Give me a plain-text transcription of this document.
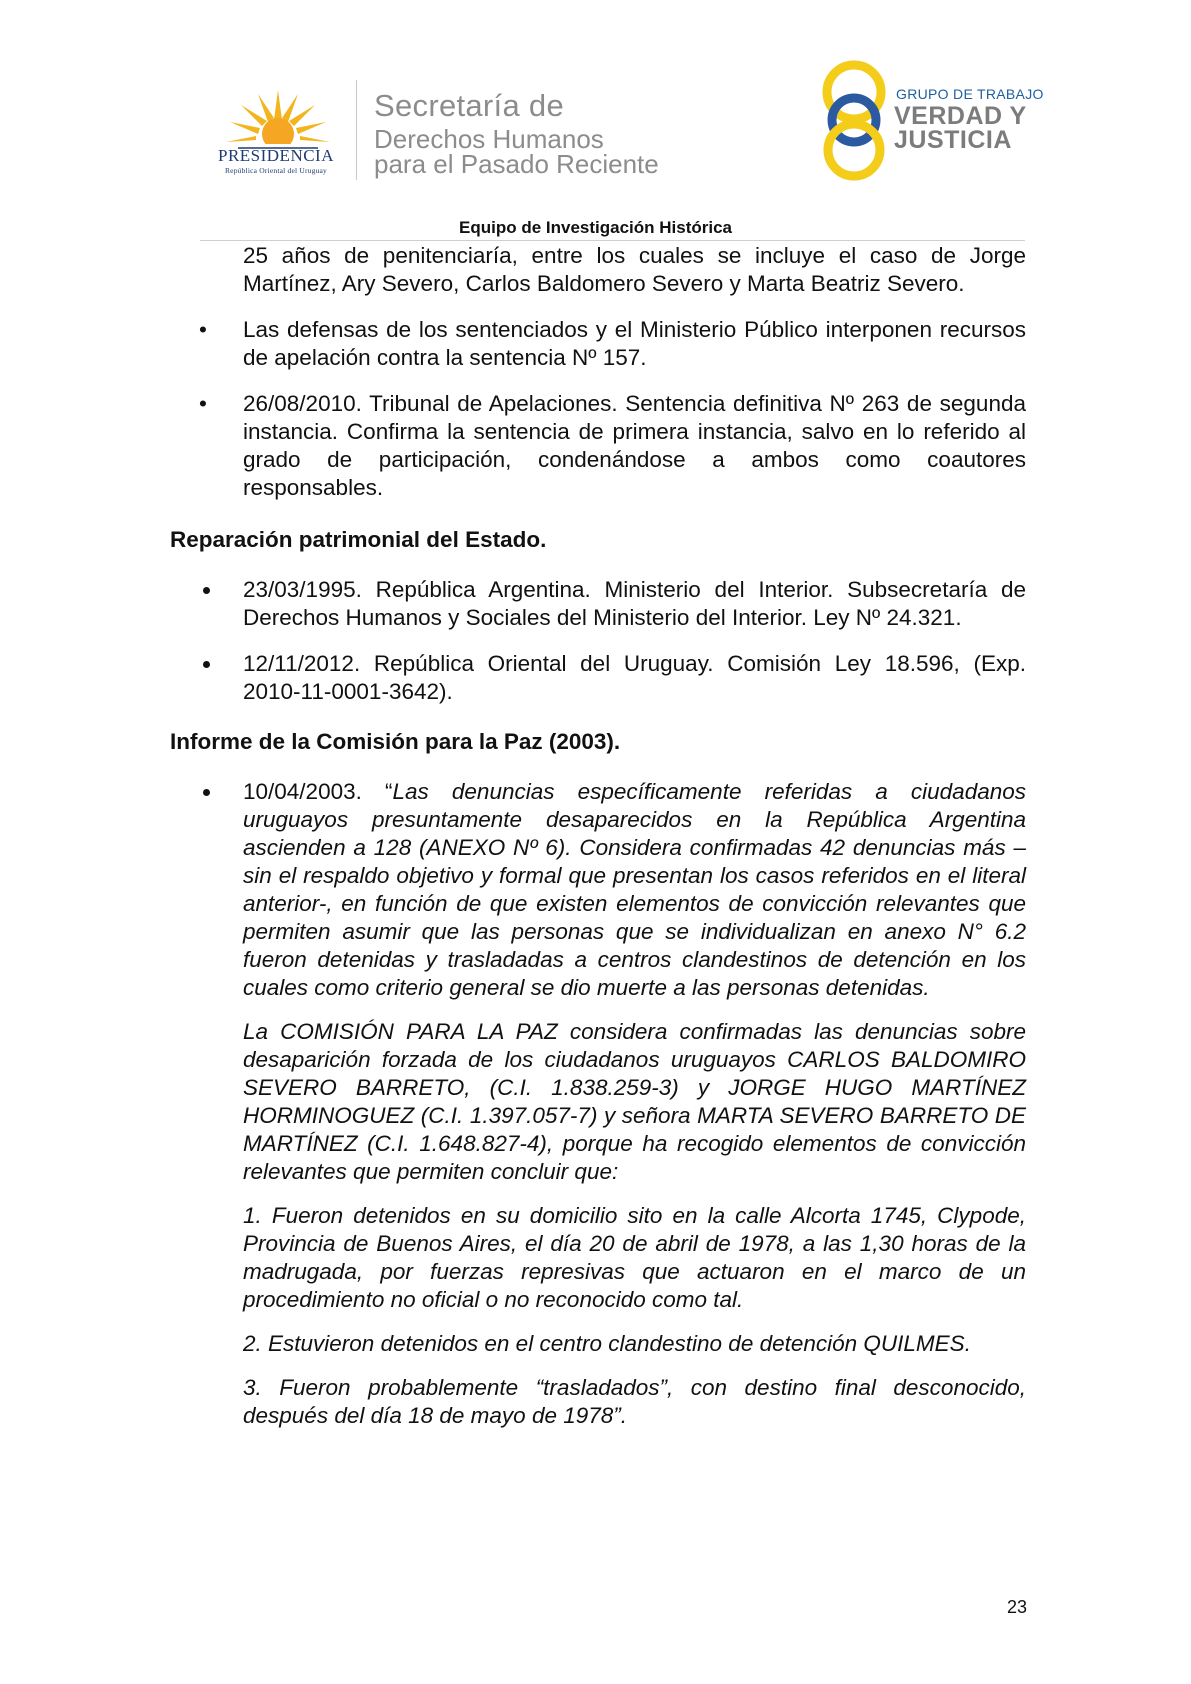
PRESIDENCIA
República Oriental del Uruguay
Secretaría de
Derechos Humanos
para el Pasado Reciente
GRUPO DE TRABAJO
VERDAD Y
JUSTICIA
Equipo de Investigación Histórica

25 años de penitenciaría, entre los cuales se incluye el caso de Jorge Martínez, Ary Severo, Carlos Baldomero Severo y Marta Beatriz Severo.

• Las defensas de los sentenciados y el Ministerio Público interponen recursos de apelación contra la sentencia Nº 157.

• 26/08/2010. Tribunal de Apelaciones. Sentencia definitiva Nº 263 de segunda instancia. Confirma la sentencia de primera instancia, salvo en lo referido al grado de participación, condenándose a ambos como coautores responsables.

Reparación patrimonial del Estado.

23/03/1995. República Argentina. Ministerio del Interior. Subsecretaría de Derechos Humanos y Sociales del Ministerio del Interior. Ley Nº 24.321.

12/11/2012. República Oriental del Uruguay. Comisión Ley 18.596, (Exp. 2010-11-0001-3642).

Informe de la Comisión para la Paz (2003).

10/04/2003. “Las denuncias específicamente referidas a ciudadanos uruguayos presuntamente desaparecidos en la República Argentina ascienden a 128 (ANEXO Nº 6). Considera confirmadas 42 denuncias más –sin el respaldo objetivo y formal que presentan los casos referidos en el literal anterior-, en función de que existen elementos de convicción relevantes que permiten asumir que las personas que se individualizan en anexo N° 6.2 fueron detenidas y trasladadas a centros clandestinos de detención en los cuales como criterio general se dio muerte a las personas detenidas.

La COMISIÓN PARA LA PAZ considera confirmadas las denuncias sobre desaparición forzada de los ciudadanos uruguayos CARLOS BALDOMIRO SEVERO BARRETO, (C.I. 1.838.259-3) y JORGE HUGO MARTÍNEZ HORMINOGUEZ (C.I. 1.397.057-7) y señora MARTA SEVERO BARRETO DE MARTÍNEZ (C.I. 1.648.827-4), porque ha recogido elementos de convicción relevantes que permiten concluir que:

1. Fueron detenidos en su domicilio sito en la calle Alcorta 1745, Clypode, Provincia de Buenos Aires, el día 20 de abril de 1978, a las 1,30 horas de la madrugada, por fuerzas represivas que actuaron en el marco de un procedimiento no oficial o no reconocido como tal.

2. Estuvieron detenidos en el centro clandestino de detención QUILMES.

3. Fueron probablemente “trasladados”, con destino final desconocido, después del día 18 de mayo de 1978”.

23
